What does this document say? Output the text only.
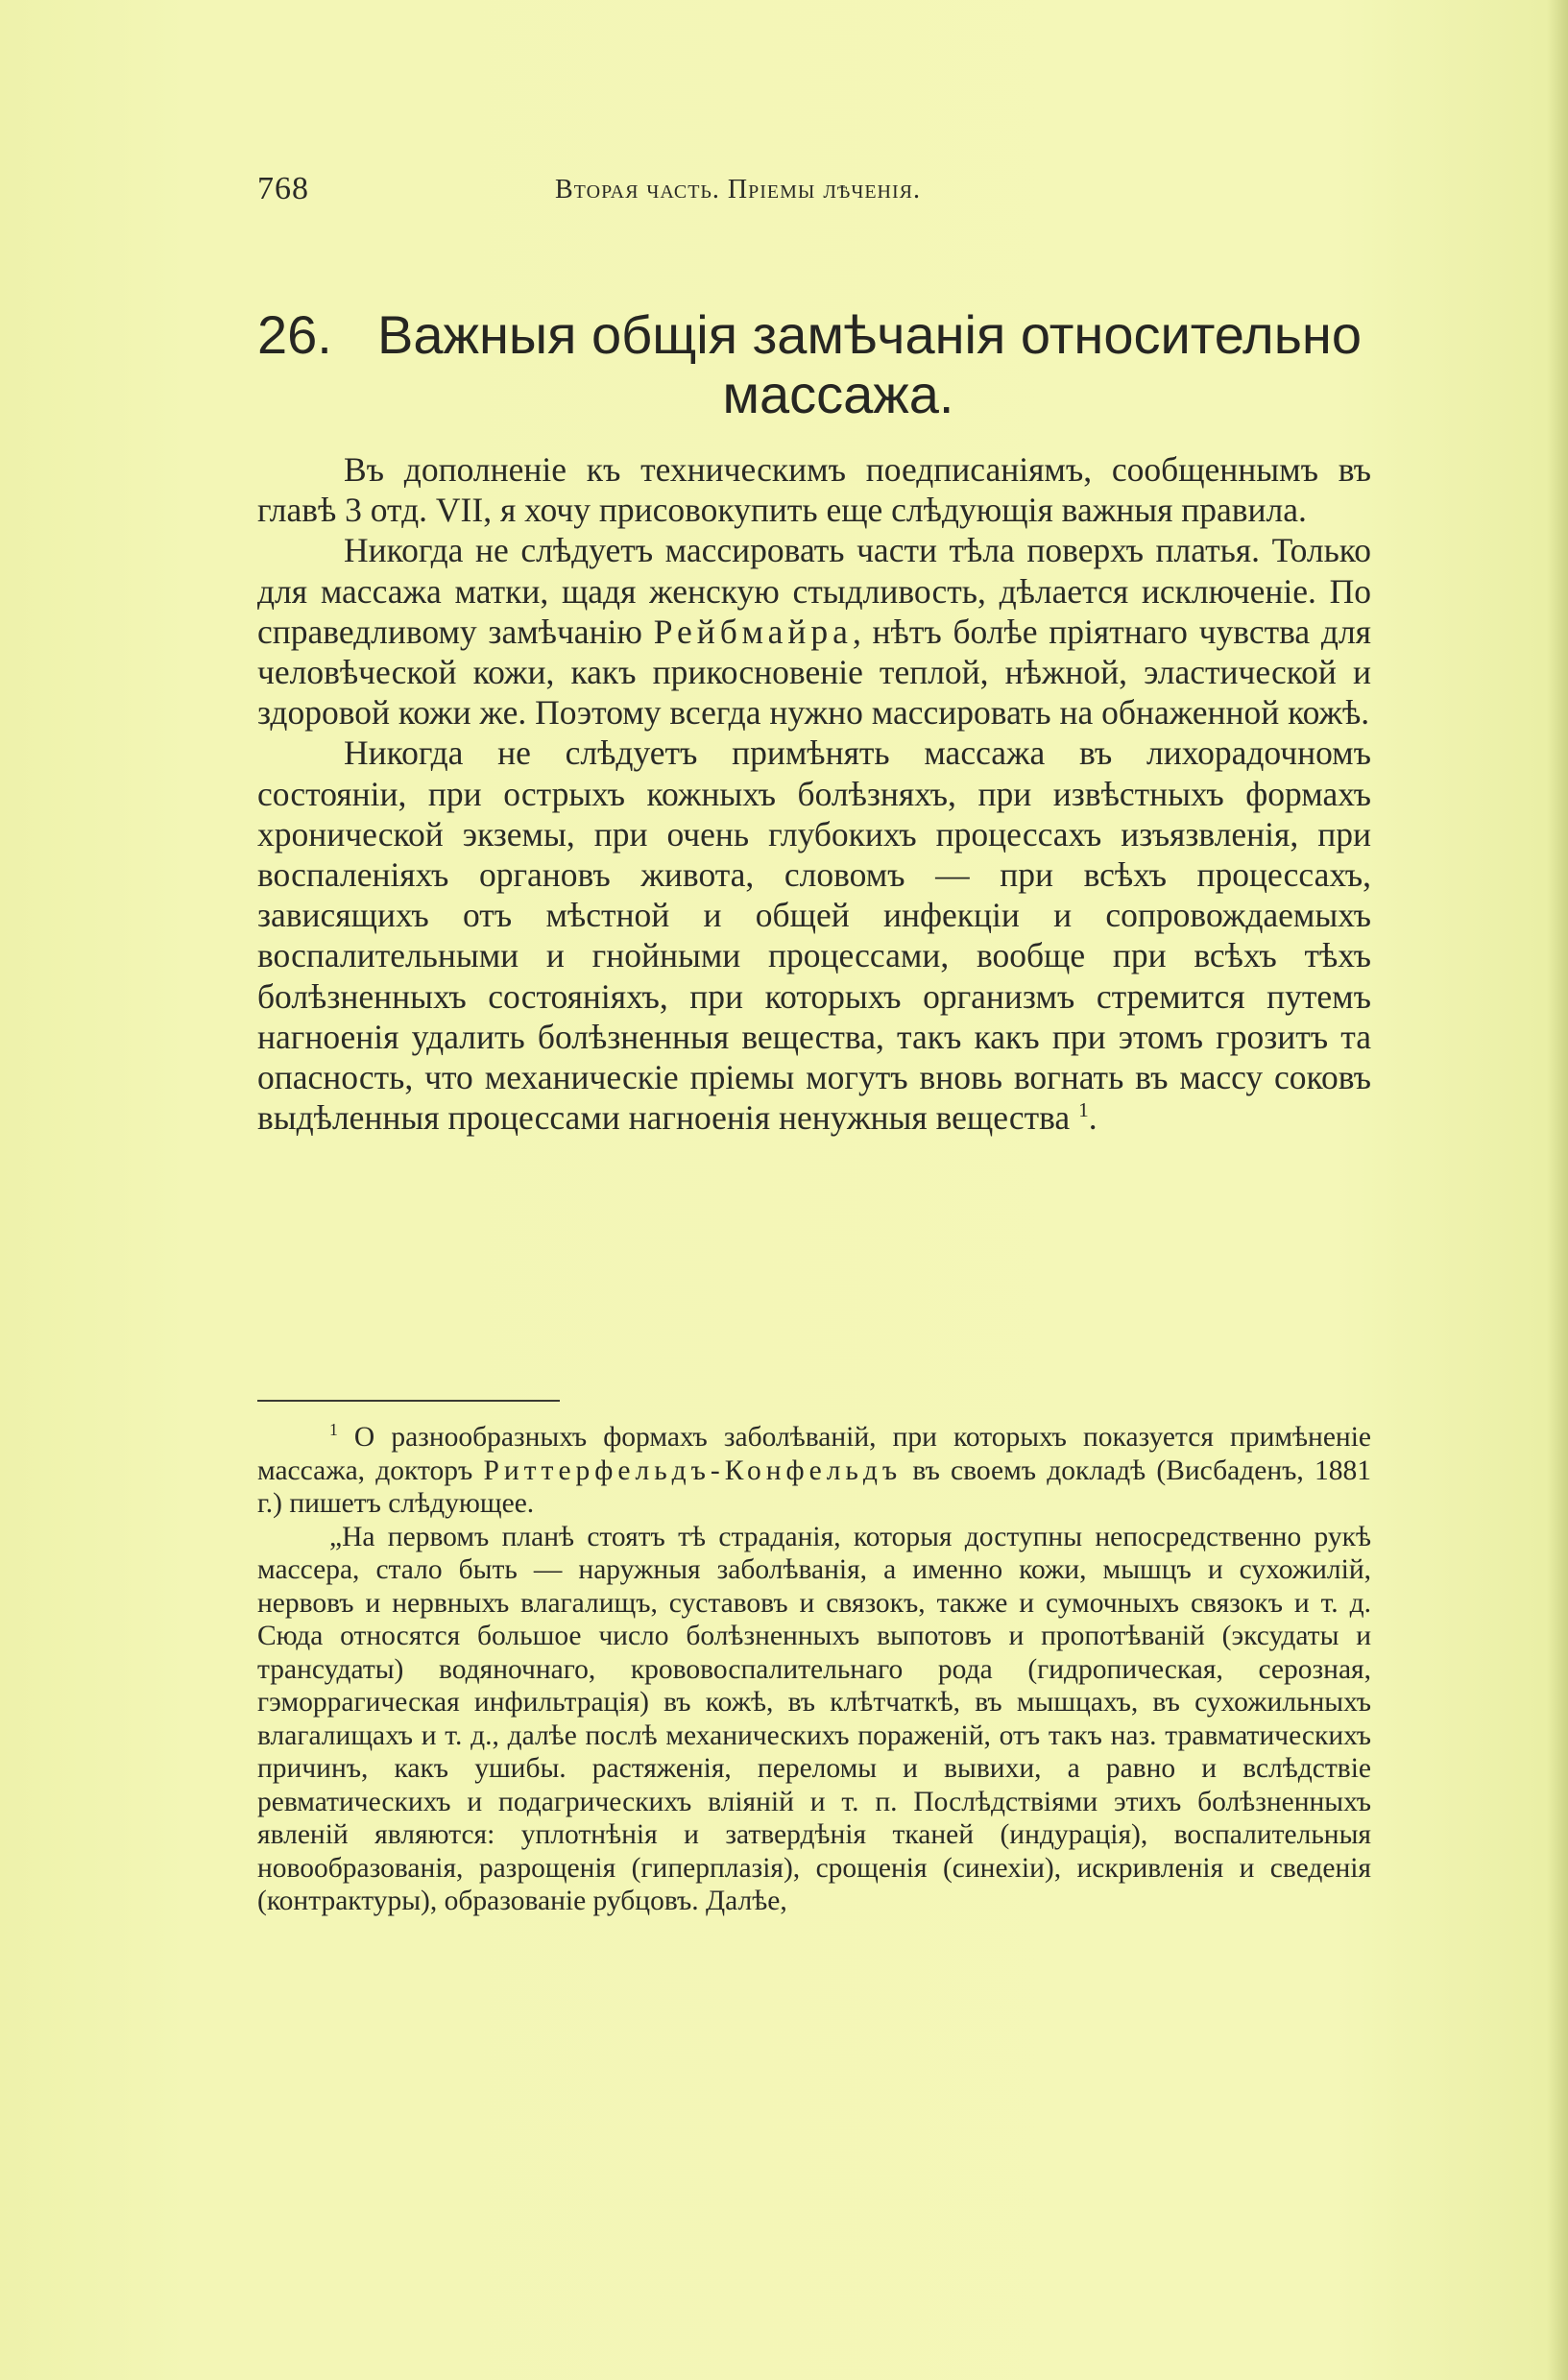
768	Вторая часть. Пріемы лѣченія.
26. Важныя общія замѣчанія относительно
массажа.

Въ дополненіе къ техническимъ поедписаніямъ, сообщеннымъ въ главѣ 3 отд. VII, я хочу присовокупить еще слѣдующія важныя правила.

Никогда не слѣдуетъ массировать части тѣла поверхъ платья. Только для массажа матки, щадя женскую стыдливость, дѣлается исключеніе. По справедливому замѣчанію Рейбмайра, нѣтъ болѣе пріятнаго чувства для человѣческой кожи, какъ прикосновеніе теплой, нѣжной, эластической и здоровой кожи же. Поэтому всегда нужно массировать на обнаженной кожѣ.

Никогда не слѣдуетъ примѣнять массажа въ лихорадочномъ состояніи, при острыхъ кожныхъ болѣзняхъ, при извѣстныхъ формахъ хронической экземы, при очень глубокихъ процессахъ изъязвленія, при воспаленіяхъ органовъ живота, словомъ — при всѣхъ процессахъ, зависящихъ отъ мѣстной и общей инфекціи и сопровождаемыхъ воспалительными и гнойными процессами, вообще при всѣхъ тѣхъ болѣзненныхъ состояніяхъ, при которыхъ организмъ стремится путемъ нагноенія удалить болѣзненныя вещества, такъ какъ при этомъ грозитъ та опасность, что механическіе пріемы могутъ вновь вогнать въ массу соковъ выдѣленныя процессами нагноенія ненужныя вещества $^1$.

$^1$ О разнообразныхъ формахъ заболѣваній, при которыхъ показуется примѣненіе массажа, докторъ Риттерфельдъ-Конфельдъ въ своемъ докладѣ (Висбаденъ, 1881 г.) пишетъ слѣдующее.

„На первомъ планѣ стоятъ тѣ страданія, которыя доступны непосредственно рукѣ массера, стало быть — наружныя заболѣванія, а именно кожи, мышцъ и сухожилій, нервовъ и нервныхъ влагалищъ, суставовъ и связокъ, также и сумочныхъ связокъ и т. д. Сюда относятся большое число болѣзненныхъ выпотовъ и пропотѣваній (эксудаты и трансудаты) водяночнаго, крововоспалительнаго рода (гидропическая, серозная, гэморрагическая инфильтрація) въ кожѣ, въ клѣтчаткѣ, въ мышцахъ, въ сухожильныхъ влагалищахъ и т. д., далѣе послѣ механическихъ пораженій, отъ такъ наз. травматическихъ причинъ, какъ ушибы. растяженія, переломы и вывихи, а равно и вслѣдствіе ревматическихъ и подагрическихъ вліяній и т. п. Послѣдствіями этихъ болѣзненныхъ явленій являются: уплотнѣнія и затвердѣнія тканей (индурація), воспалительныя новообразованія, разрощенія (гиперплазія), срощенія (синехіи), искривленія и сведенія (контрактуры), образованіе рубцовъ. Далѣе,
